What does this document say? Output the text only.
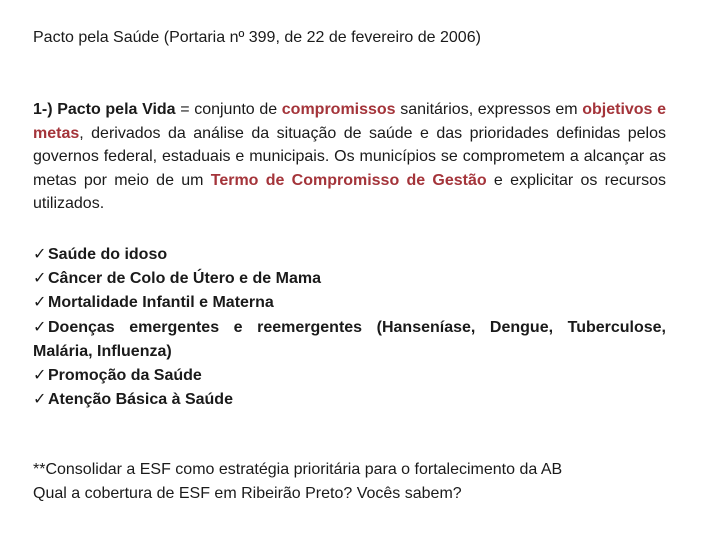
Pacto pela Saúde (Portaria nº 399, de 22 de fevereiro de 2006)
1-) Pacto pela Vida = conjunto de compromissos sanitários, expressos em objetivos e metas, derivados da análise da situação de saúde e das prioridades definidas pelos governos federal, estaduais e municipais. Os municípios se comprometem a alcançar as metas por meio de um Termo de Compromisso de Gestão e explicitar os recursos utilizados.
✓Saúde do idoso
✓Câncer de Colo de Útero e de Mama
✓Mortalidade Infantil e Materna
✓Doenças emergentes e reemergentes (Hanseníase, Dengue, Tuberculose, Malária, Influenza)
✓Promoção da Saúde
✓Atenção Básica à Saúde
**Consolidar a ESF como estratégia prioritária para o fortalecimento da AB
Qual a cobertura de ESF em Ribeirão Preto? Vocês sabem?
